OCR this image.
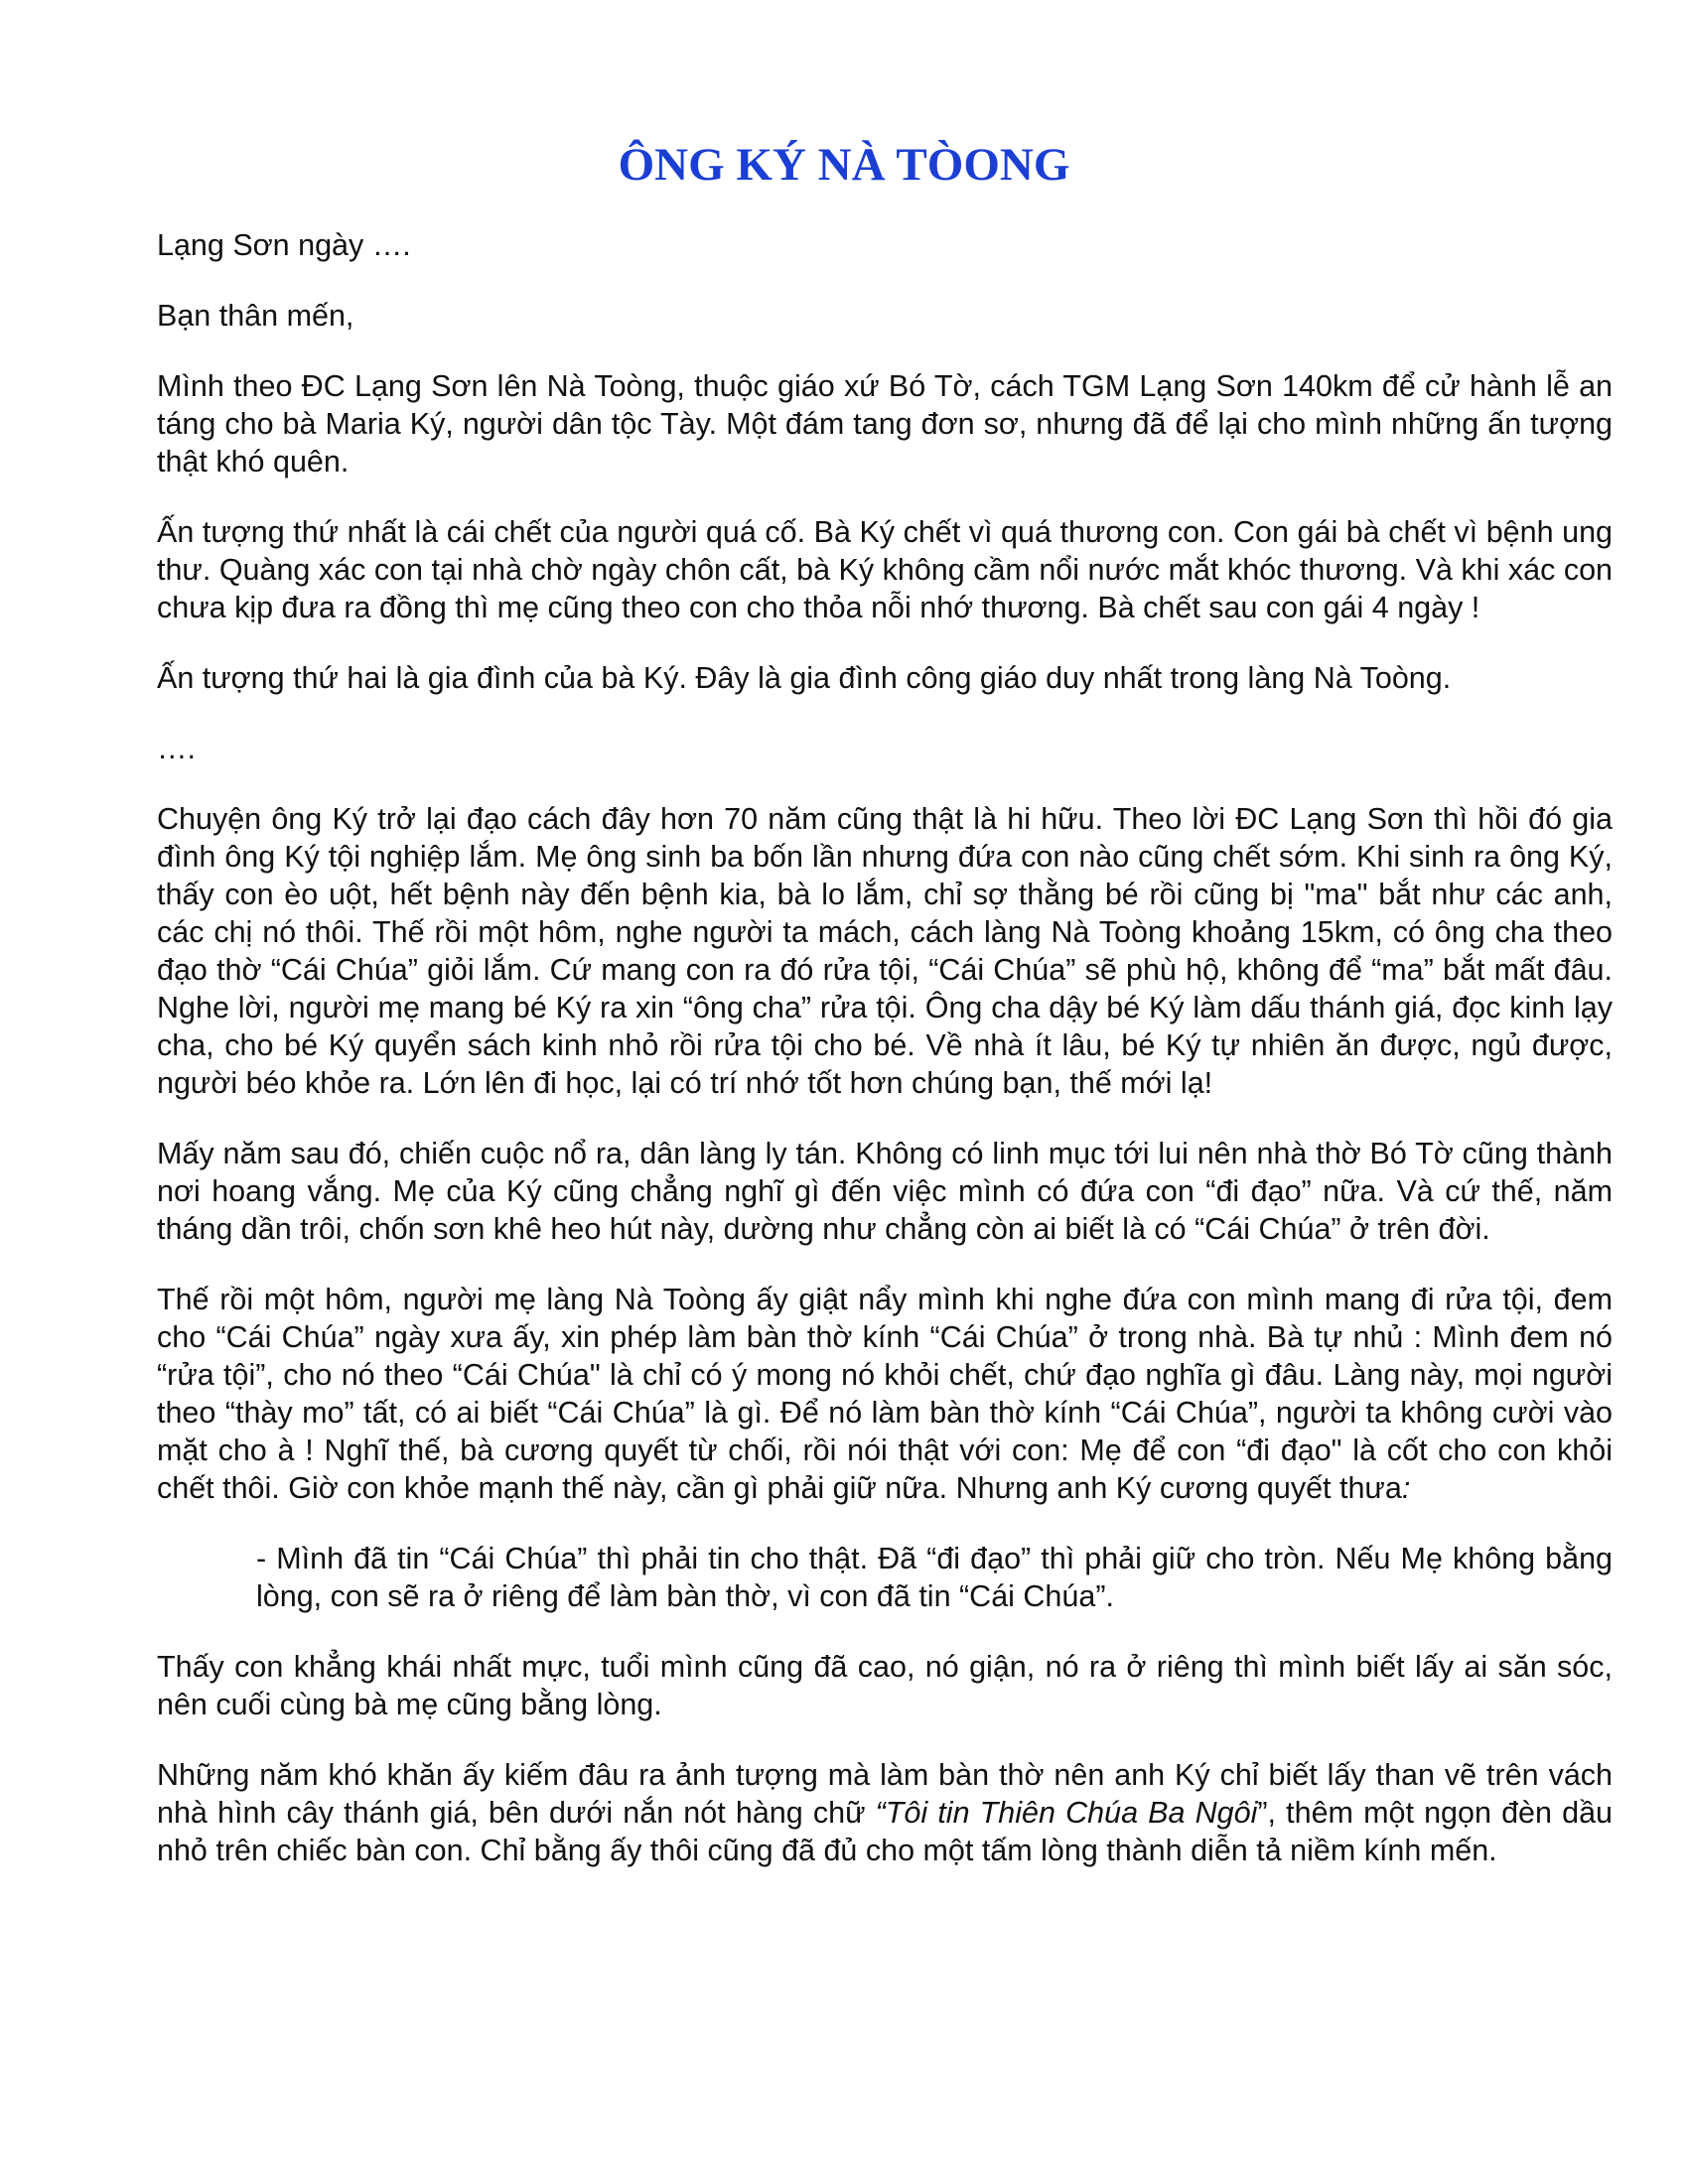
ÔNG KÝ NÀ TÒONG

Lạng Sơn ngày ….

Bạn thân mến,

Mình theo ĐC Lạng Sơn lên Nà Toòng, thuộc giáo xứ Bó Tờ, cách TGM Lạng Sơn 140km để cử hành lễ an táng cho bà Maria Ký, người dân tộc Tày. Một đám tang đơn sơ, nhưng đã để lại cho mình những ấn tượng thật khó quên.

Ấn tượng thứ nhất là cái chết của người quá cố. Bà Ký chết vì quá thương con. Con gái bà chết vì bệnh ung thư. Quàng xác con tại nhà chờ ngày chôn cất, bà Ký không cầm nổi nước mắt khóc thương. Và khi xác con chưa kịp đưa ra đồng thì mẹ cũng theo con cho thỏa nỗi nhớ thương. Bà chết sau con gái 4 ngày !

Ấn tượng thứ hai là gia đình của bà Ký. Đây là gia đình công giáo duy nhất trong làng Nà Toòng.

….

Chuyện ông Ký trở lại đạo cách đây hơn 70 năm cũng thật là hi hữu. Theo lời ĐC Lạng Sơn thì hồi đó gia đình ông Ký tội nghiệp lắm. Mẹ ông sinh ba bốn lần nhưng đứa con nào cũng chết sớm. Khi sinh ra ông Ký, thấy con èo uột, hết bệnh này đến bệnh kia, bà lo lắm, chỉ sợ thằng bé rồi cũng bị "ma" bắt như các anh, các chị nó thôi. Thế rồi một hôm, nghe người ta mách, cách làng Nà Toòng khoảng 15km, có ông cha theo đạo thờ “Cái Chúa” giỏi lắm. Cứ mang con ra đó rửa tội, “Cái Chúa” sẽ phù hộ, không để “ma” bắt mất đâu. Nghe lời, người mẹ mang bé Ký ra xin “ông cha” rửa tội. Ông cha dậy bé Ký làm dấu thánh giá, đọc kinh lạy cha, cho bé Ký quyển sách kinh nhỏ rồi rửa tội cho bé. Về nhà ít lâu, bé Ký tự nhiên ăn được, ngủ được, người béo khỏe ra. Lớn lên đi học, lại có trí nhớ tốt hơn chúng bạn, thế mới lạ!

Mấy năm sau đó, chiến cuộc nổ ra, dân làng ly tán. Không có linh mục tới lui nên nhà thờ Bó Tờ cũng thành nơi hoang vắng. Mẹ của Ký cũng chẳng nghĩ gì đến việc mình có đứa con “đi đạo” nữa. Và cứ thế, năm tháng dần trôi, chốn sơn khê heo hút này, dường như chẳng còn ai biết là có “Cái Chúa” ở trên đời.

Thế rồi một hôm, người mẹ làng Nà Toòng ấy giật nẩy mình khi nghe đứa con mình mang đi rửa tội, đem cho “Cái Chúa” ngày xưa ấy, xin phép làm bàn thờ kính “Cái Chúa” ở trong nhà. Bà tự nhủ : Mình đem nó “rửa tội”, cho nó theo “Cái Chúa" là chỉ có ý mong nó khỏi chết, chứ đạo nghĩa gì đâu. Làng này, mọi người theo “thày mo” tất, có ai biết “Cái Chúa” là gì. Để nó làm bàn thờ kính “Cái Chúa”, người ta không cười vào mặt cho à ! Nghĩ thế, bà cương quyết từ chối, rồi nói thật với con: Mẹ để con “đi đạo" là cốt cho con khỏi chết thôi. Giờ con khỏe mạnh thế này, cần gì phải giữ nữa. Nhưng anh Ký cương quyết thưa:

- Mình đã tin “Cái Chúa” thì phải tin cho thật. Đã “đi đạo” thì phải giữ cho tròn. Nếu Mẹ không bằng lòng, con sẽ ra ở riêng để làm bàn thờ, vì con đã tin “Cái Chúa”.

Thấy con khẳng khái nhất mực, tuổi mình cũng đã cao, nó giận, nó ra ở riêng thì mình biết lấy ai săn sóc, nên cuối cùng bà mẹ cũng bằng lòng.

Những năm khó khăn ấy kiếm đâu ra ảnh tượng mà làm bàn thờ nên anh Ký chỉ biết lấy than vẽ trên vách nhà hình cây thánh giá, bên dưới nắn nót hàng chữ “Tôi tin Thiên Chúa Ba Ngôi”, thêm một ngọn đèn dầu nhỏ trên chiếc bàn con. Chỉ bằng ấy thôi cũng đã đủ cho một tấm lòng thành diễn tả niềm kính mến.
